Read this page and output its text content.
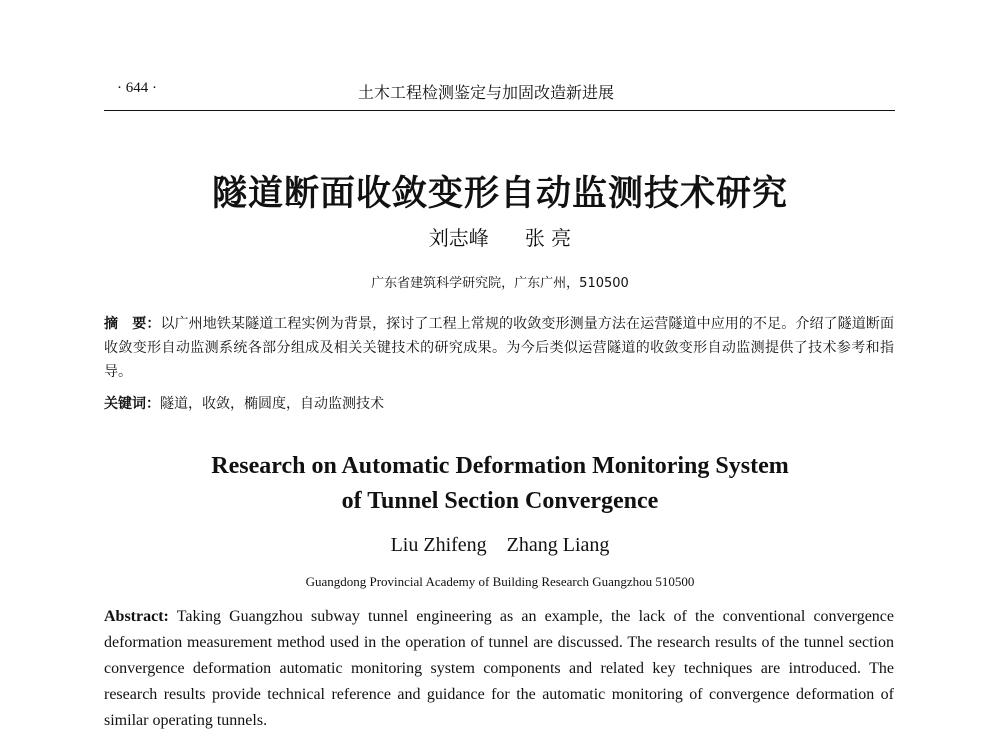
· 644 ·	土木工程检测鉴定与加固改造新进展
隧道断面收敛变形自动监测技术研究
刘志峰 张 亮
广东省建筑科学研究院，广东广州，510500
摘　要：以广州地铁某隧道工程实例为背景，探讨了工程上常规的收敛变形测量方法在运营隧道中应用的不足。介绍了隧道断面收敛变形自动监测系统各部分组成及相关关键技术的研究成果。为今后类似运营隧道的收敛变形自动监测提供了技术参考和指导。
关键词：隧道，收敛，椭圆度，自动监测技术
Research on Automatic Deformation Monitoring System
of Tunnel Section Convergence
Liu Zhifeng Zhang Liang
Guangdong Provincial Academy of Building Research Guangzhou 510500
Abstract: Taking Guangzhou subway tunnel engineering as an example, the lack of the conventional convergence deformation measurement method used in the operation of tunnel are discussed. The research results of the tunnel section convergence deformation automatic monitoring system components and related key techniques are introduced. The research results provide technical reference and guidance for the automatic monitoring of convergence deformation of similar operating tunnels.
